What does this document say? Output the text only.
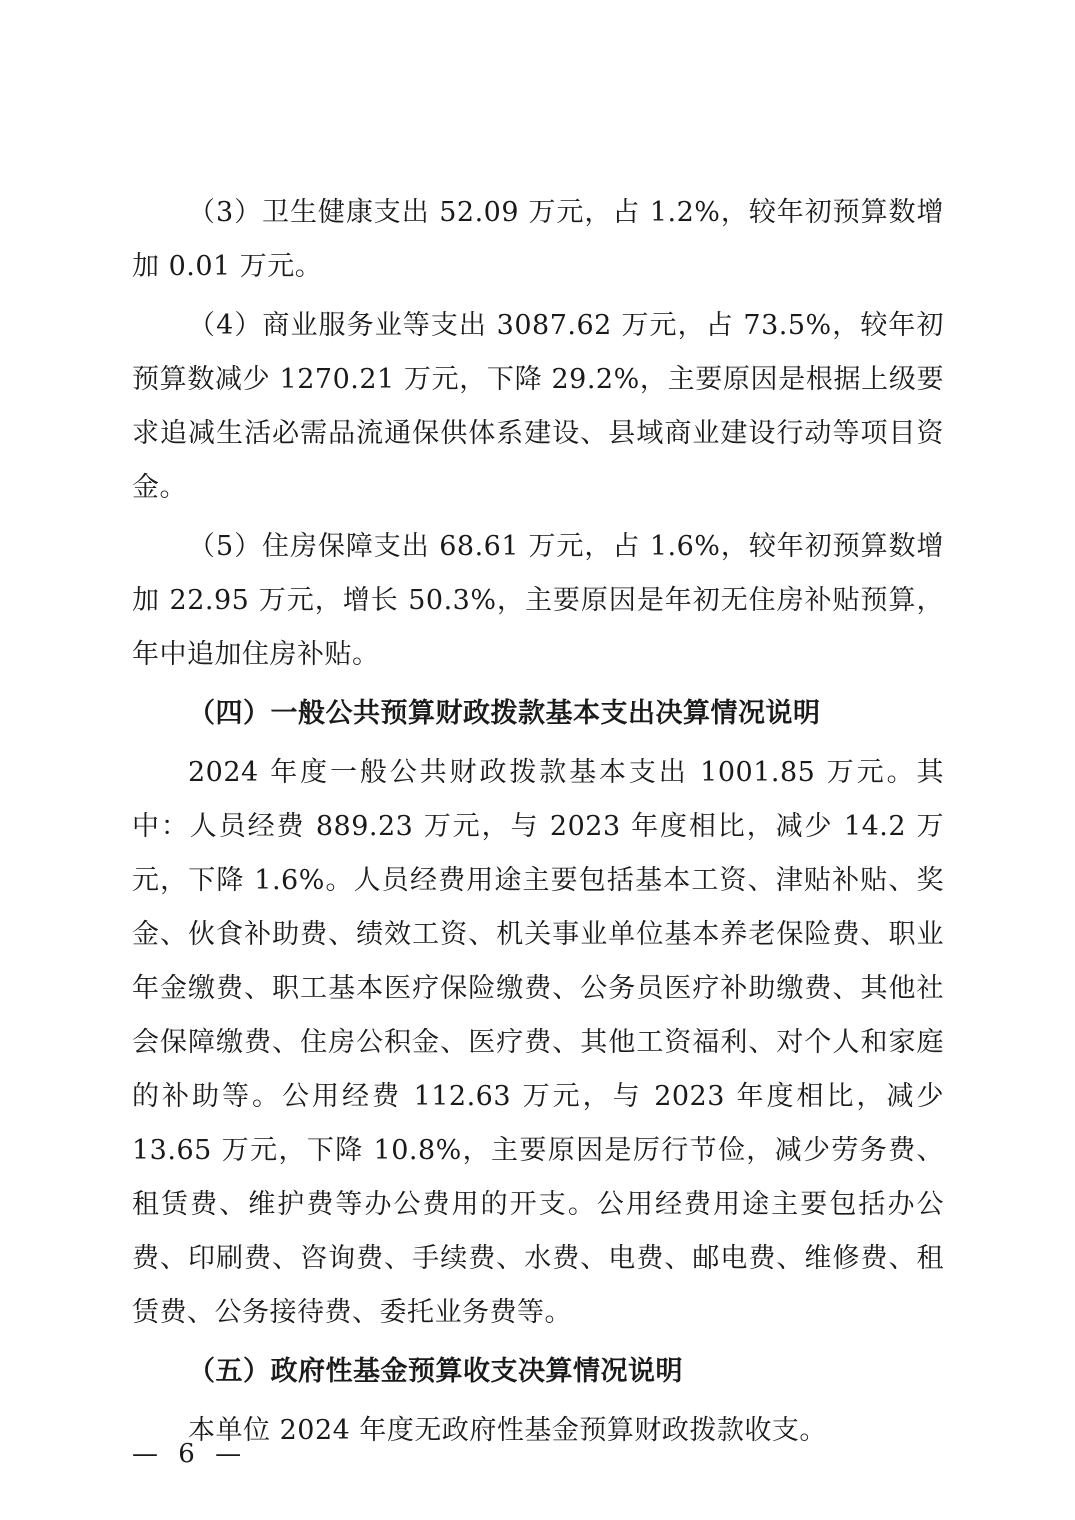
（3）卫生健康支出 52.09 万元，占 1.2%，较年初预算数增加 0.01 万元。

（4）商业服务业等支出 3087.62 万元，占 73.5%，较年初预算数减少 1270.21 万元，下降 29.2%，主要原因是根据上级要求追减生活必需品流通保供体系建设、县域商业建设行动等项目资金。

（5）住房保障支出 68.61 万元，占 1.6%，较年初预算数增加 22.95 万元，增长 50.3%，主要原因是年初无住房补贴预算，年中追加住房补贴。

（四）一般公共预算财政拨款基本支出决算情况说明

2024 年度一般公共财政拨款基本支出 1001.85 万元。其中：人员经费 889.23 万元，与 2023 年度相比，减少 14.2 万元，下降 1.6%。人员经费用途主要包括基本工资、津贴补贴、奖金、伙食补助费、绩效工资、机关事业单位基本养老保险费、职业年金缴费、职工基本医疗保险缴费、公务员医疗补助缴费、其他社会保障缴费、住房公积金、医疗费、其他工资福利、对个人和家庭的补助等。公用经费 112.63 万元，与 2023 年度相比，减少 13.65 万元，下降 10.8%，主要原因是厉行节俭，减少劳务费、租赁费、维护费等办公费用的开支。公用经费用途主要包括办公费、印刷费、咨询费、手续费、水费、电费、邮电费、维修费、租赁费、公务接待费、委托业务费等。

（五）政府性基金预算收支决算情况说明

本单位 2024 年度无政府性基金预算财政拨款收支。

— 6 —
